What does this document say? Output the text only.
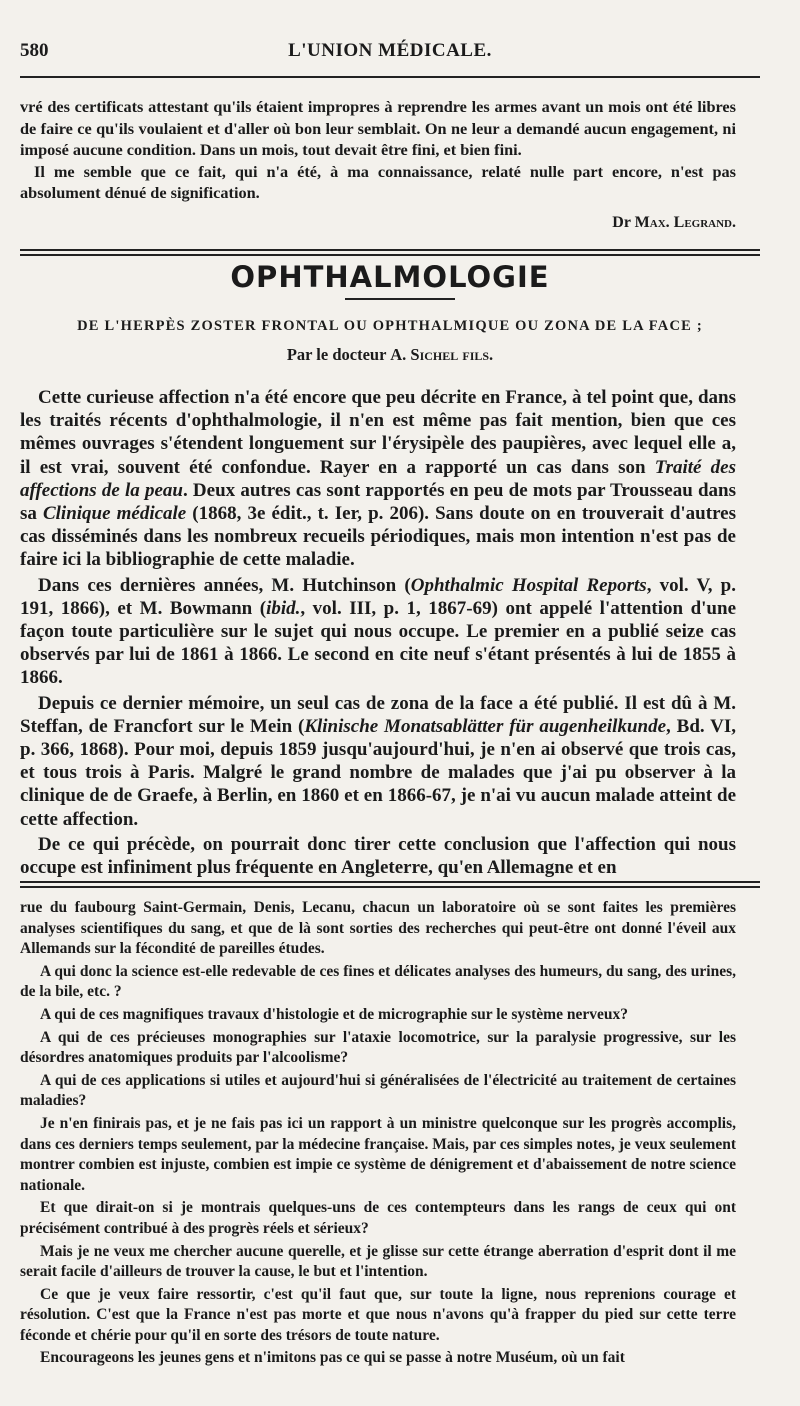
580	L'UNION MÉDICALE.

vré des certificats attestant qu'ils étaient impropres à reprendre les armes avant un mois ont été libres de faire ce qu'ils voulaient et d'aller où bon leur semblait. On ne leur a demandé aucun engagement, ni imposé aucune condition. Dans un mois, tout devait être fini, et bien fini.

Il me semble que ce fait, qui n'a été, à ma connaissance, relaté nulle part encore, n'est pas absolument dénué de signification.

Dr Max. Legrand.
OPHTHALMOLOGIE
DE L'HERPÈS ZOSTER FRONTAL OU OPHTHALMIQUE OU ZONA DE LA FACE ;
Par le docteur A. Sichel fils.

Cette curieuse affection n'a été encore que peu décrite en France, à tel point que, dans les traités récents d'ophthalmologie, il n'en est même pas fait mention, bien que ces mêmes ouvrages s'étendent longuement sur l'érysipèle des paupières, avec lequel elle a, il est vrai, souvent été confondue. Rayer en a rapporté un cas dans son Traité des affections de la peau. Deux autres cas sont rapportés en peu de mots par Trousseau dans sa Clinique médicale (1868, 3e édit., t. Ier, p. 206). Sans doute on en trouverait d'autres cas disséminés dans les nombreux recueils périodiques, mais mon intention n'est pas de faire ici la bibliographie de cette maladie.

Dans ces dernières années, M. Hutchinson (Ophthalmic Hospital Reports, vol. V, p. 191, 1866), et M. Bowmann (ibid., vol. III, p. 1, 1867-69) ont appelé l'attention d'une façon toute particulière sur le sujet qui nous occupe. Le premier en a publié seize cas observés par lui de 1861 à 1866. Le second en cite neuf s'étant présentés à lui de 1855 à 1866.

Depuis ce dernier mémoire, un seul cas de zona de la face a été publié. Il est dû à M. Steffan, de Francfort sur le Mein (Klinische Monatsablätter für augenheilkunde, Bd. VI, p. 366, 1868). Pour moi, depuis 1859 jusqu'aujourd'hui, je n'en ai observé que trois cas, et tous trois à Paris. Malgré le grand nombre de malades que j'ai pu observer à la clinique de de Graefe, à Berlin, en 1860 et en 1866-67, je n'ai vu aucun malade atteint de cette affection.

De ce qui précède, on pourrait donc tirer cette conclusion que l'affection qui nous occupe est infiniment plus fréquente en Angleterre, qu'en Allemagne et en

rue du faubourg Saint-Germain, Denis, Lecanu, chacun un laboratoire où se sont faites les premières analyses scientifiques du sang, et que de là sont sorties des recherches qui peut-être ont donné l'éveil aux Allemands sur la fécondité de pareilles études.

A qui donc la science est-elle redevable de ces fines et délicates analyses des humeurs, du sang, des urines, de la bile, etc. ?

A qui de ces magnifiques travaux d'histologie et de micrographie sur le système nerveux?

A qui de ces précieuses monographies sur l'ataxie locomotrice, sur la paralysie progressive, sur les désordres anatomiques produits par l'alcoolisme?

A qui de ces applications si utiles et aujourd'hui si généralisées de l'électricité au traitement de certaines maladies?

Je n'en finirais pas, et je ne fais pas ici un rapport à un ministre quelconque sur les progrès accomplis, dans ces derniers temps seulement, par la médecine française. Mais, par ces simples notes, je veux seulement montrer combien est injuste, combien est impie ce système de dénigrement et d'abaissement de notre science nationale.

Et que dirait-on si je montrais quelques-uns de ces contempteurs dans les rangs de ceux qui ont précisément contribué à des progrès réels et sérieux?

Mais je ne veux me chercher aucune querelle, et je glisse sur cette étrange aberration d'esprit dont il me serait facile d'ailleurs de trouver la cause, le but et l'intention.

Ce que je veux faire ressortir, c'est qu'il faut que, sur toute la ligne, nous reprenions courage et résolution. C'est que la France n'est pas morte et que nous n'avons qu'à frapper du pied sur cette terre féconde et chérie pour qu'il en sorte des trésors de toute nature.

Encourageons les jeunes gens et n'imitons pas ce qui se passe à notre Muséum, où un fait
